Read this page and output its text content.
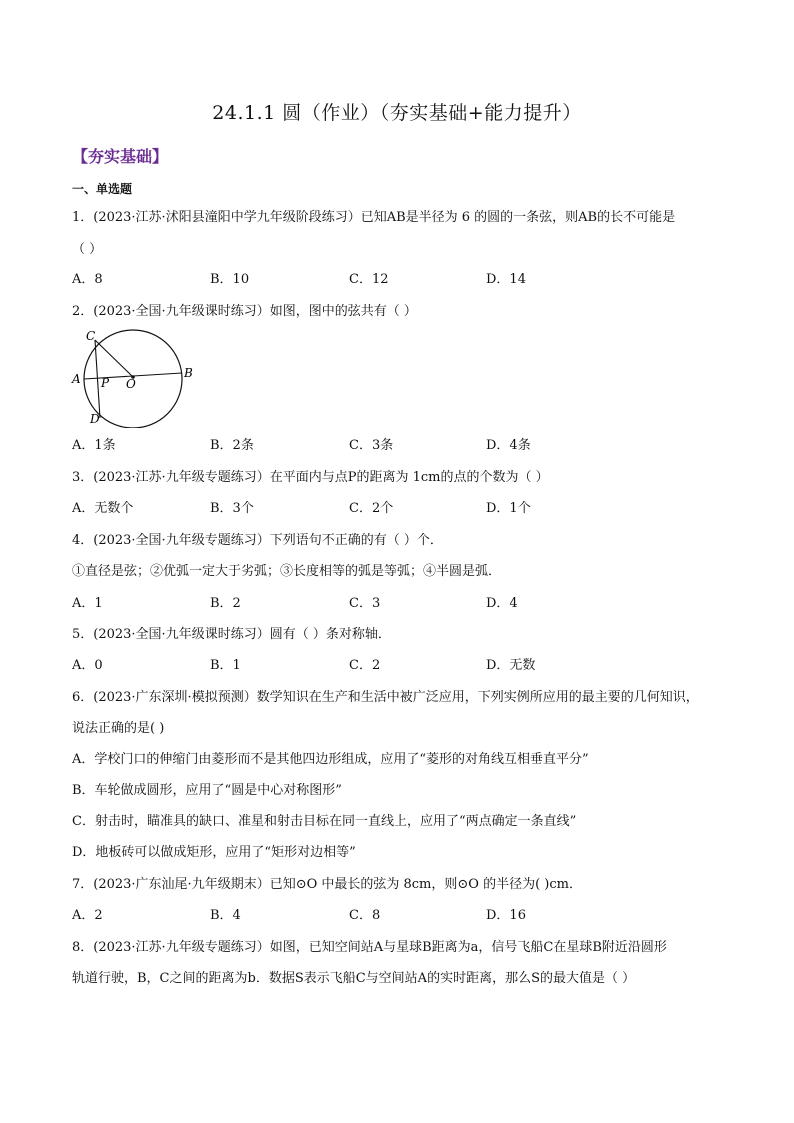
24.1.1 圆（作业）（夯实基础+能力提升）
【夯实基础】
一、单选题
1．(2023·江苏·沭阳县潼阳中学九年级阶段练习）已知AB是半径为 6 的圆的一条弦，则AB的长不可能是
（ ）
A．8	B．10	C．12	D．14
2．(2023·全国·九年级课时练习）如图，图中的弦共有（ ）
C
A P O
B
D
A．1条	B．2条	C．3条	D．4条
3．(2023·江苏·九年级专题练习）在平面内与点P的距离为 1cm的点的个数为（ ）
A．无数个	B．3个	C．2个	D．1个
4．(2023·全国·九年级专题练习）下列语句不正确的有（ ）个．
①直径是弦；②优弧一定大于劣弧；③长度相等的弧是等弧；④半圆是弧．
A．1	B．2	C．3	D．4
5．(2023·全国·九年级课时练习）圆有（ ）条对称轴．
A．0	B．1	C．2	D．无数
6．(2023·广东深圳·模拟预测）数学知识在生产和生活中被广泛应用，下列实例所应用的最主要的几何知识，
说法正确的是( )
A．学校门口的伸缩门由菱形而不是其他四边形组成，应用了“菱形的对角线互相垂直平分”
B．车轮做成圆形，应用了“圆是中心对称图形”
C．射击时，瞄准具的缺口、准星和射击目标在同一直线上，应用了“两点确定一条直线”
D．地板砖可以做成矩形，应用了“矩形对边相等”
7．(2023·广东汕尾·九年级期末）已知⊙O 中最长的弦为 8cm，则⊙O 的半径为( )cm．
A．2	B．4	C．8	D．16
8．(2023·江苏·九年级专题练习）如图，已知空间站A与星球B距离为a，信号飞船C在星球B附近沿圆形
轨道行驶，B，C之间的距离为b．数据S表示飞船C与空间站A的实时距离，那么S的最大值是（ ）
